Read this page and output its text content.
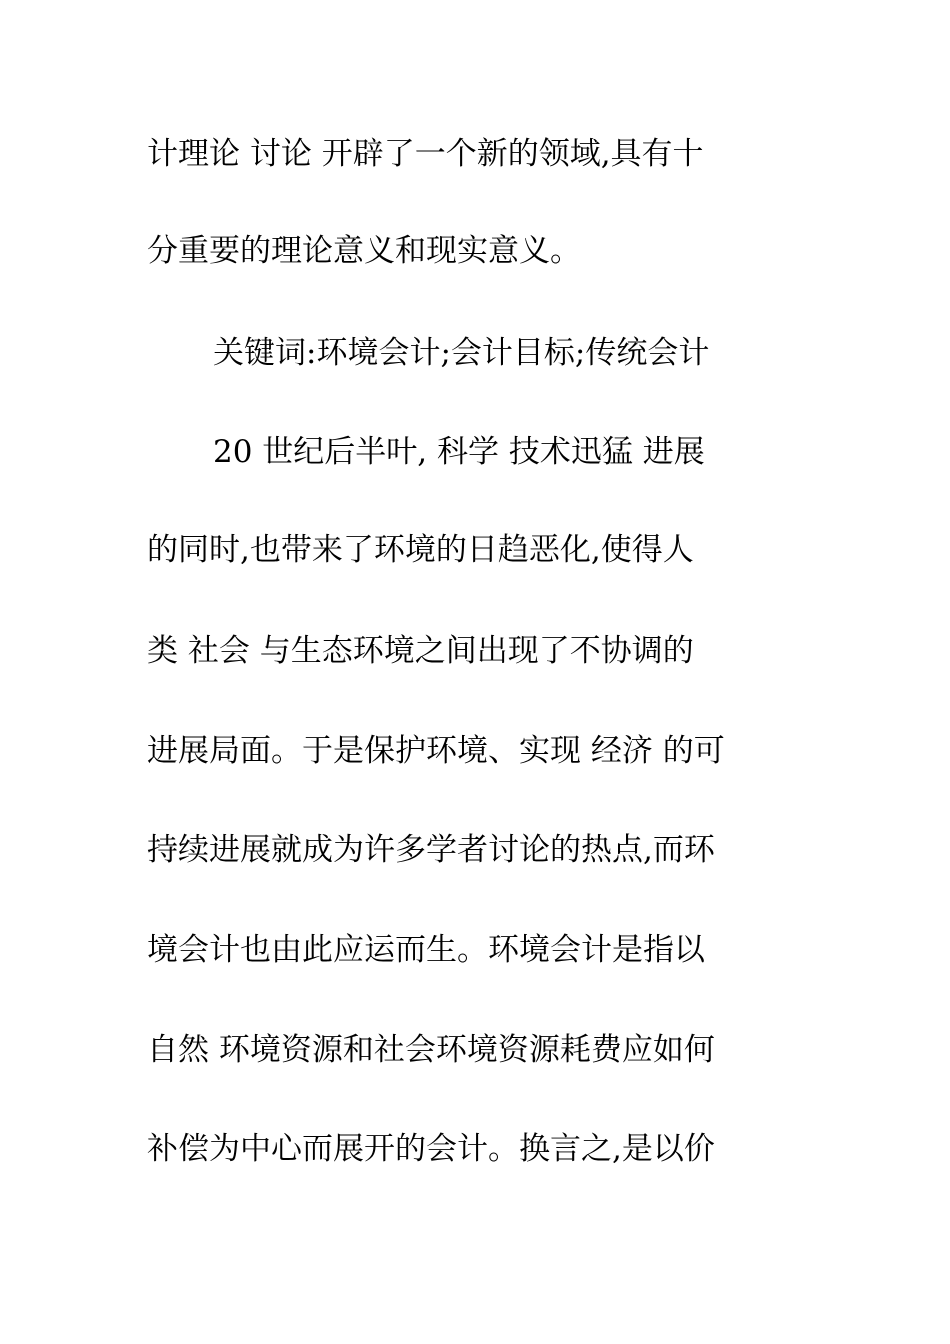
计理论 讨论 开辟了一个新的领域,具有十
分重要的理论意义和现实意义。
关键词:环境会计;会计目标;传统会计
20 世纪后半叶, 科学 技术迅猛 进展
的同时,也带来了环境的日趋恶化,使得人
类 社会 与生态环境之间出现了不协调的
进展局面。于是保护环境、实现 经济 的可
持续进展就成为许多学者讨论的热点,而环
境会计也由此应运而生。环境会计是指以
自然 环境资源和社会环境资源耗费应如何
补偿为中心而展开的会计。换言之,是以价
